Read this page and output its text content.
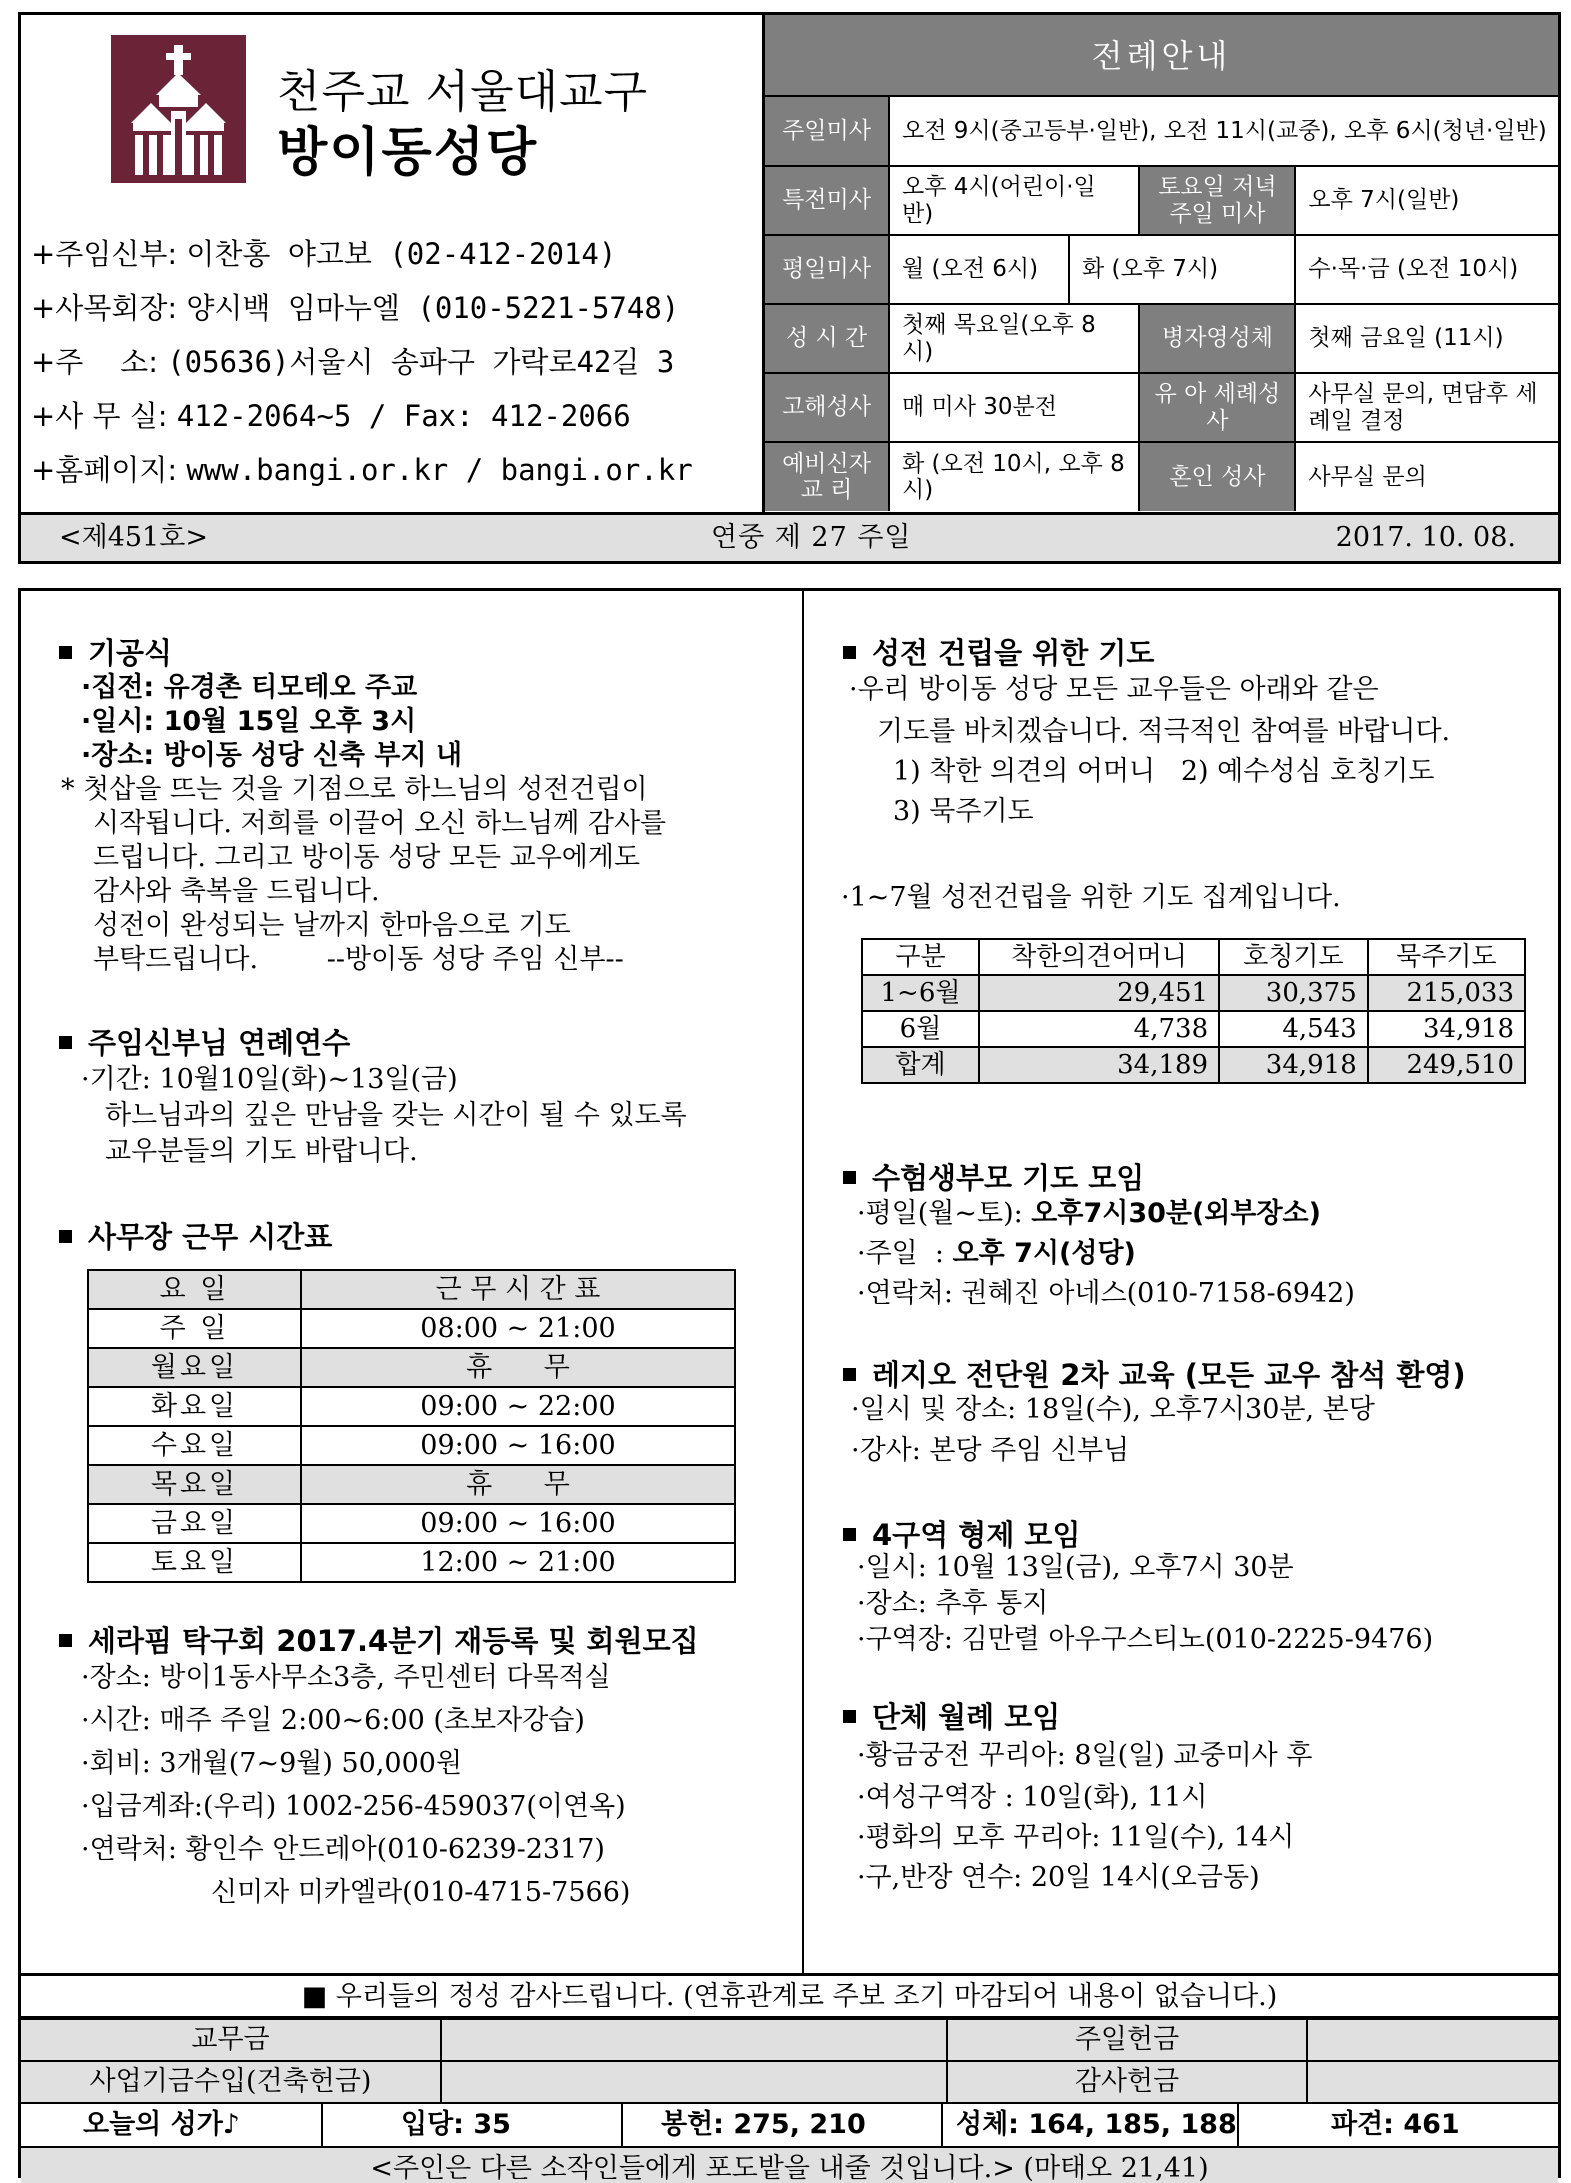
천주교 서울대교구
방이동성당
+주임신부: 이찬홍 야고보 (02-412-2014)
+사목회장: 양시백 임마누엘 (010-5221-5748)
+주    소: (05636)서울시 송파구 가락로42길 3
+사 무 실: 412-2064~5 / Fax: 412-2066
+홈페이지: www.bangi.or.kr / bangi.or.kr
전례안내
주일미사	오전 9시(중고등부·일반), 오전 11시(교중), 오후 6시(청년·일반)			
특전미사	오후 4시(어린이·일반)		토요일 저녁 주일 미사	오후 7시(일반)
평일미사	월 (오전 6시)	화 (오후 7시)		수·목·금 (오전 10시)
성 시 간	첫째 목요일(오후 8시)		병자영성체	첫째 금요일 (11시)
고해성사	매 미사 30분전		유 아 세례성사	사무실 문의, 면담후 세례일 결정
예비신자 교 리	화 (오전 10시, 오후 8시)		혼인 성사	사무실 문의
<제451호>	연중 제 27 주일	2017. 10. 08.
기공식
·집전: 유경촌 티모테오 주교
·일시: 10월 15일 오후 3시
·장소: 방이동 성당 신축 부지 내
* 첫삽을 뜨는 것을 기점으로 하느님의 성전건립이
시작됩니다. 저희를 이끌어 오신 하느님께 감사를
드립니다. 그리고 방이동 성당 모든 교우에게도
감사와 축복을 드립니다.
성전이 완성되는 날까지 한마음으로 기도
부탁드립니다.        --방이동 성당 주임 신부--
주임신부님 연례연수
·기간: 10월10일(화)~13일(금)
하느님과의 깊은 만남을 갖는 시간이 될 수 있도록
교우분들의 기도 바랍니다.
사무장 근무 시간표
요 일	근 무 시 간 표
주 일	08:00 ~ 21:00
월요일	휴      무
화요일	09:00 ~ 22:00
수요일	09:00 ~ 16:00
목요일	휴      무
금요일	09:00 ~ 16:00
토요일	12:00 ~ 21:00
세라핌 탁구회 2017.4분기 재등록 및 회원모집
·장소: 방이1동사무소3층, 주민센터 다목적실
·시간: 매주 주일 2:00~6:00 (초보자강습)
·회비: 3개월(7~9월) 50,000원
·입금계좌:(우리) 1002-256-459037(이연옥)
·연락처: 황인수 안드레아(010-6239-2317)
신미자 미카엘라(010-4715-7566)
성전 건립을 위한 기도
·우리 방이동 성당 모든 교우들은 아래와 같은
기도를 바치겠습니다. 적극적인 참여를 바랍니다.
1) 착한 의견의 어머니   2) 예수성심 호칭기도
3) 묵주기도
·1~7월 성전건립을 위한 기도 집계입니다.
구분	착한의견어머니	호칭기도	묵주기도
1~6월	29,451	30,375	215,033
6월	4,738	4,543	34,918
합계	34,189	34,918	249,510
수험생부모 기도 모임
·평일(월~토): 오후7시30분(외부장소)
·주일  : 오후 7시(성당)
·연락처: 권혜진 아네스(010-7158-6942)
레지오 전단원 2차 교육 (모든 교우 참석 환영)
·일시 및 장소: 18일(수), 오후7시30분, 본당
·강사: 본당 주임 신부님
4구역 형제 모임
·일시: 10월 13일(금), 오후7시 30분
·장소: 추후 통지
·구역장: 김만렬 아우구스티노(010-2225-9476)
단체 월례 모임
·황금궁전 꾸리아: 8일(일) 교중미사 후
·여성구역장 : 10일(화), 11시
·평화의 모후 꾸리아: 11일(수), 14시
·구,반장 연수: 20일 14시(오금동)
■ 우리들의 정성 감사드립니다. (연휴관계로 주보 조기 마감되어 내용이 없습니다.)
교무금		주일헌금	
사업기금수입(건축헌금)		감사헌금	
오늘의 성가♪	입당: 35	봉헌: 275, 210	성체: 164, 185, 188	파견: 461
<주인은 다른 소작인들에게 포도밭을 내줄 것입니다.> (마태오 21,41)
